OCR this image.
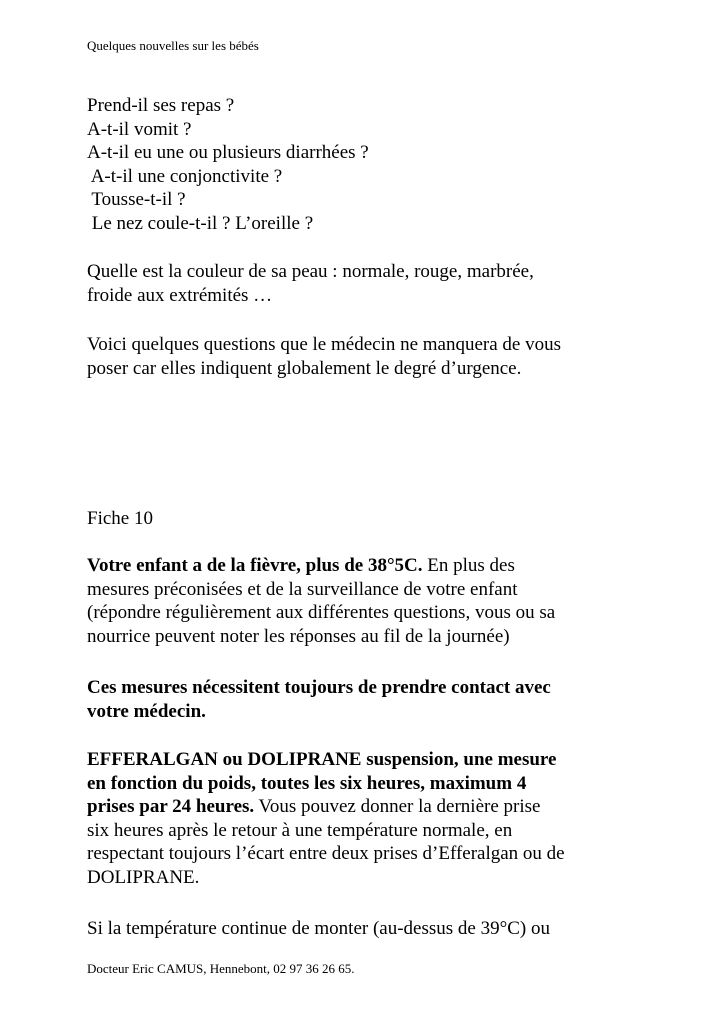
Quelques nouvelles sur les bébés
Prend-il ses repas ?
A-t-il vomit ?
A-t-il eu une ou plusieurs diarrhées ?
A-t-il une conjonctivite ?
Tousse-t-il ?
Le nez coule-t-il ? L’oreille ?
Quelle est la couleur de sa peau : normale, rouge, marbrée,
froide aux extrémités …
Voici quelques questions que le médecin ne manquera de vous
poser car elles indiquent globalement le degré d’urgence.
Fiche 10
Votre enfant a de la fièvre, plus de 38°5C. En plus des
mesures préconisées et de la surveillance de votre enfant
(répondre régulièrement aux différentes questions, vous ou sa
nourrice peuvent noter les réponses au fil de la journée)
Ces mesures nécessitent toujours de prendre contact avec
votre médecin.
EFFERALGAN ou DOLIPRANE suspension, une mesure
en fonction du poids, toutes les six heures, maximum 4
prises par 24 heures. Vous pouvez donner la dernière prise
six heures après le retour à une température normale, en
respectant toujours l’écart entre deux prises d’Efferalgan ou de
DOLIPRANE.
Si la température continue de monter (au-dessus de 39°C) ou
Docteur Eric CAMUS, Hennebont, 02 97 36 26 65.
